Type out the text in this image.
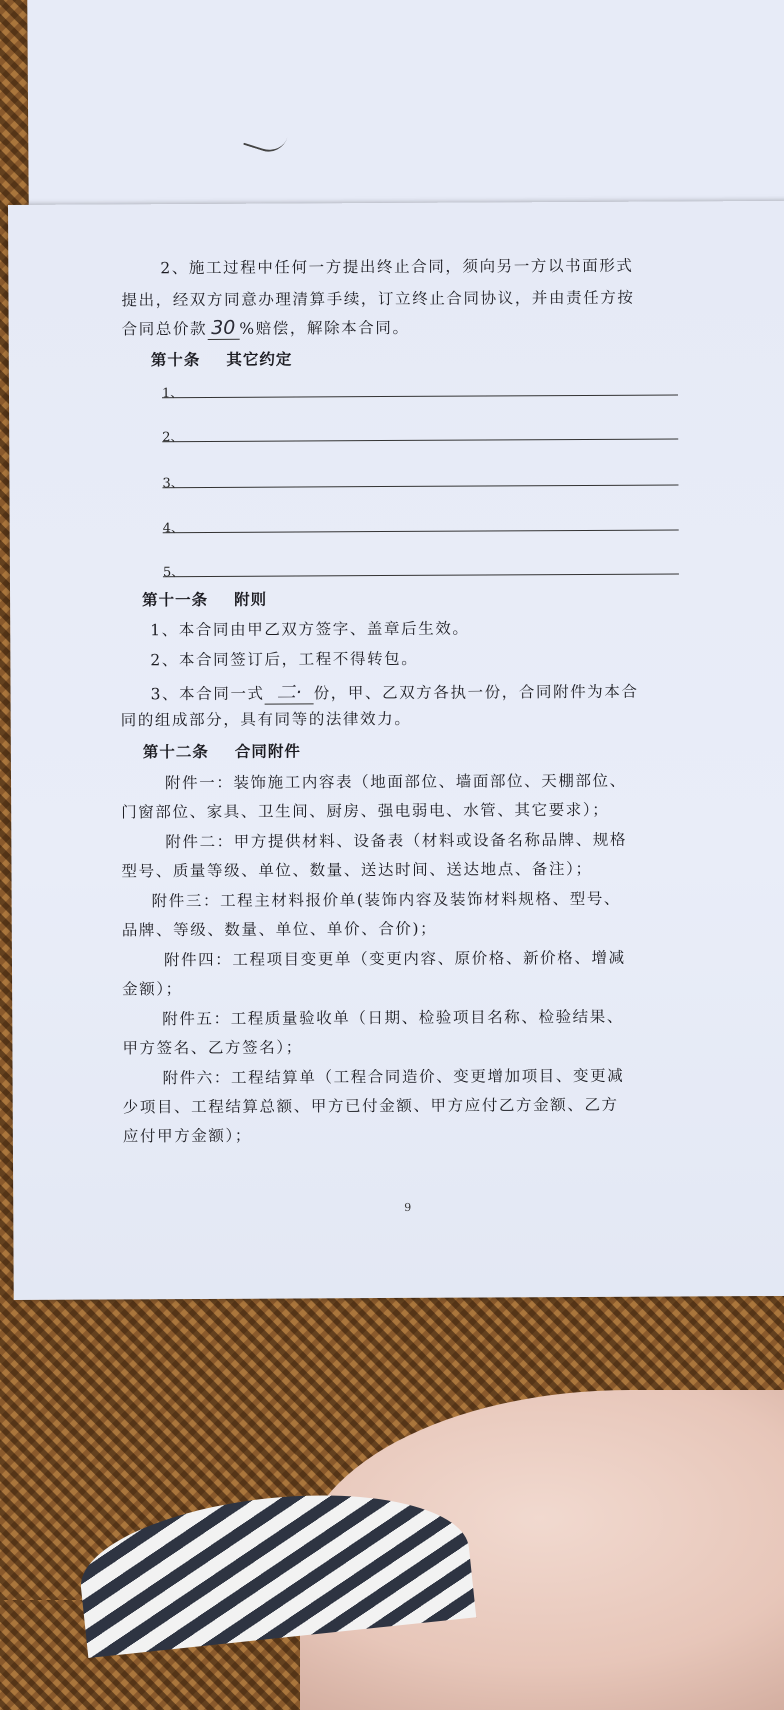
2、施工过程中任何一方提出终止合同，须向另一方以书面形式
提出，经双方同意办理清算手续，订立终止合同协议，并由责任方按
合同总价款 30 %赔偿，解除本合同。
第十条 其它约定
1、
2、
3、
4、
5、
第十一条 附则
1、本合同由甲乙双方签字、盖章后生效。
2、本合同签订后，工程不得转包。
3、本合同一式 二· 份，甲、乙双方各执一份，合同附件为本合
同的组成部分，具有同等的法律效力。
第十二条 合同附件
附件一：装饰施工内容表（地面部位、墙面部位、天棚部位、
门窗部位、家具、卫生间、厨房、强电弱电、水管、其它要求）；
附件二：甲方提供材料、设备表（材料或设备名称品牌、规格
型号、质量等级、单位、数量、送达时间、送达地点、备注）；
附件三：工程主材料报价单(装饰内容及装饰材料规格、型号、
品牌、等级、数量、单位、单价、合价)；
附件四：工程项目变更单（变更内容、原价格、新价格、增减
金额）；
附件五：工程质量验收单（日期、检验项目名称、检验结果、
甲方签名、乙方签名）；
附件六：工程结算单（工程合同造价、变更增加项目、变更减
少项目、工程结算总额、甲方已付金额、甲方应付乙方金额、乙方
应付甲方金额）；
9
